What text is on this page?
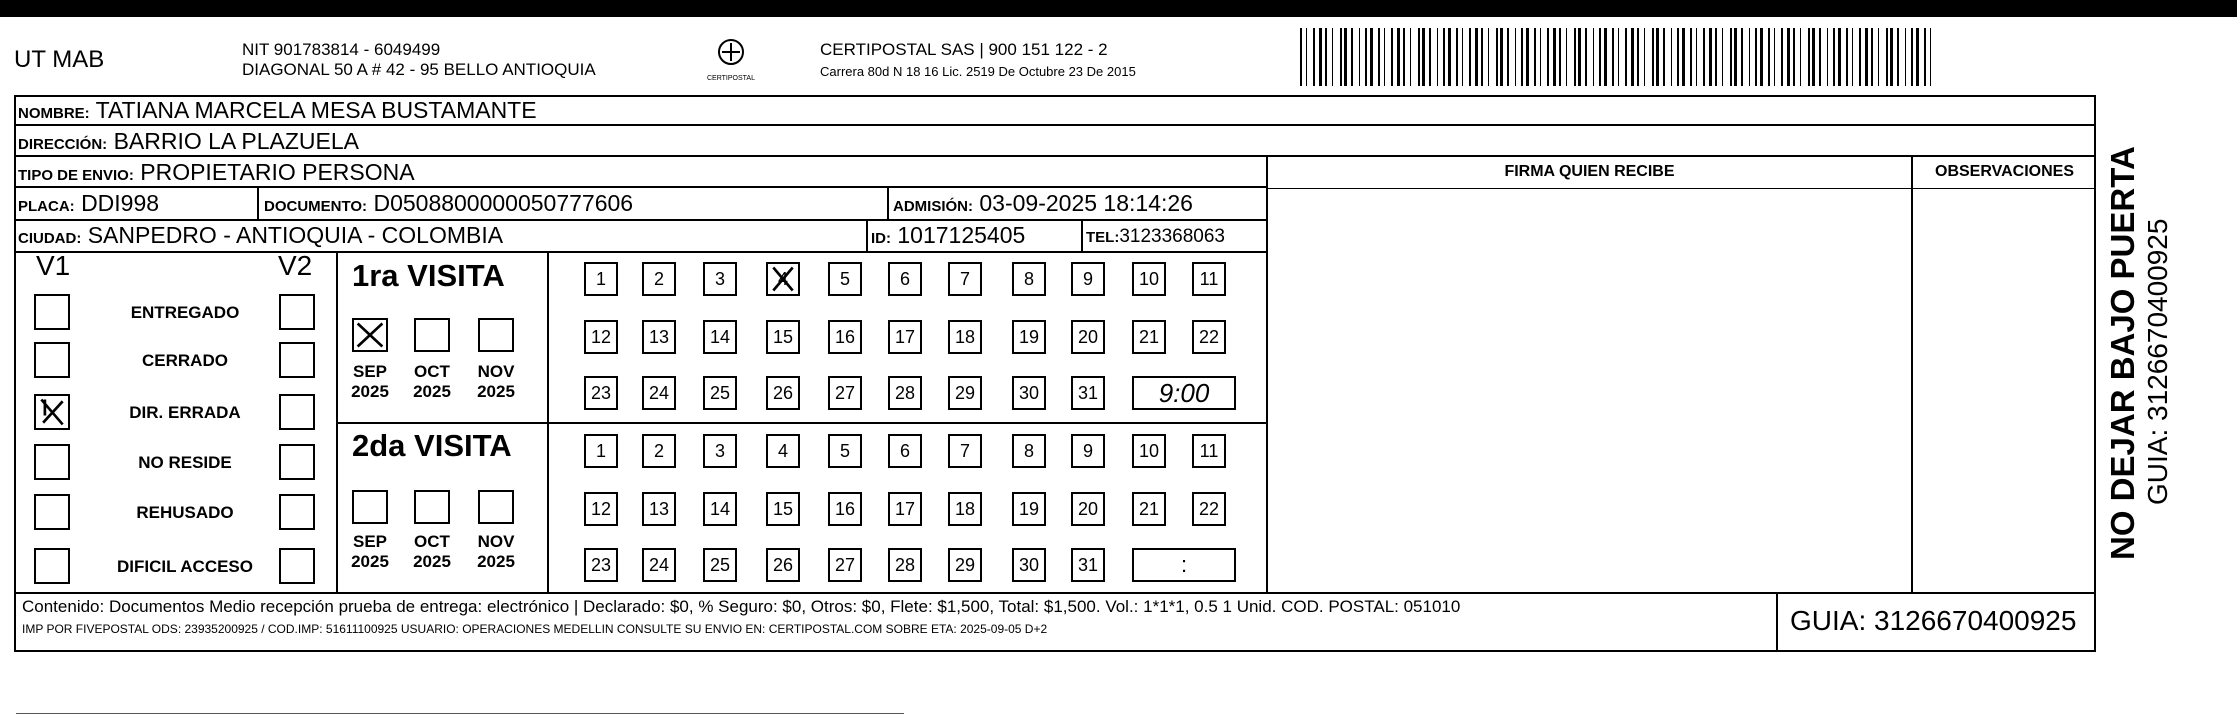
UT MAB	NIT 901783814 - 6049499
DIAGONAL 50 A # 42 - 95 BELLO ANTIOQUIA	CERTIPOSTAL
CERTIPOSTAL SAS | 900 151 122 - 2
Carrera 80d N 18 16 Lic. 2519 De Octubre 23 De 2015
NOMBRE: TATIANA MARCELA MESA BUSTAMANTE
DIRECCIÓN: BARRIO LA PLAZUELA
TIPO DE ENVIO: PROPIETARIO PERSONA	FIRMA QUIEN RECIBE	OBSERVACIONES
PLACA: DDI998	DOCUMENTO: D0508800000050777606	ADMISIÓN: 03-09-2025 18:14:26
CIUDAD: SANPEDRO - ANTIOQUIA - COLOMBIA	ID: 1017125405	TEL:3123368063
V1	V2
ENTREGADO
CERRADO
DIR. ERRADA
NO RESIDE
REHUSADO
DIFICIL ACCESO
1ra VISITA
2da VISITA
SEP
2025
OCT
2025
NOV
2025
1	2	3	4	5	6	7	8	9	10	11
12	13	14	15	16	17	18	19	20	21	22
23	24	25	26	27	28	29	30	31	9:00
SEP
2025
OCT
2025
NOV
2025
1	2	3	4	5	6	7	8	9	10	11
12	13	14	15	16	17	18	19	20	21	22
23	24	25	26	27	28	29	30	31	:
Contenido: Documentos Medio recepción prueba de entrega: electrónico | Declarado: $0, % Seguro: $0, Otros: $0, Flete: $1,500, Total: $1,500. Vol.: 1*1*1, 0.5 1 Unid. COD. POSTAL: 051010
IMP POR FIVEPOSTAL ODS: 23935200925 / COD.IMP: 51611100925 USUARIO: OPERACIONES MEDELLIN CONSULTE SU ENVIO EN: CERTIPOSTAL.COM SOBRE ETA: 2025-09-05 D+2	GUIA: 3126670400925
NO DEJAR BAJO PUERTA GUIA: 3126670400925
